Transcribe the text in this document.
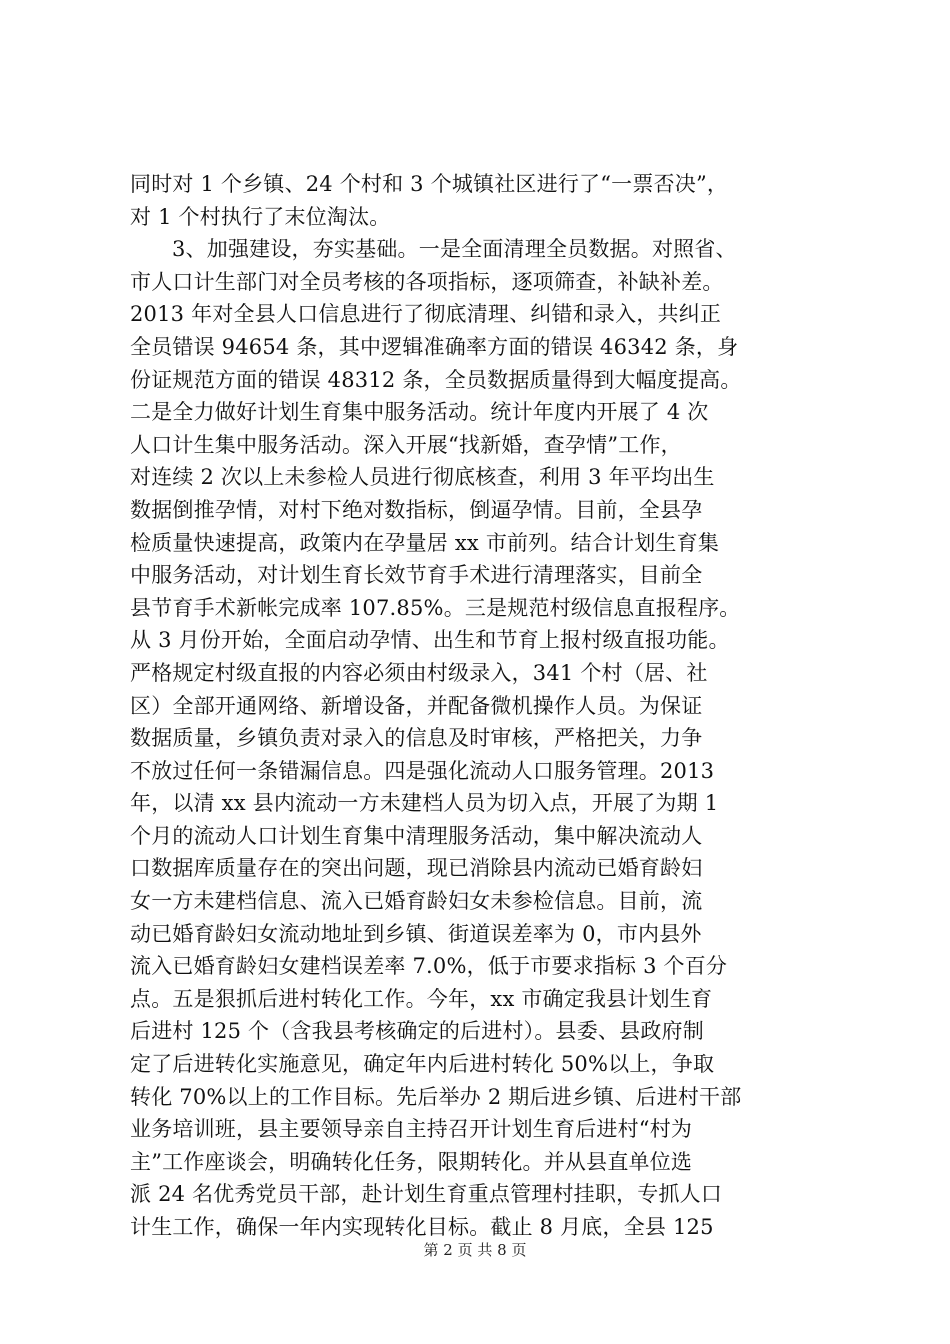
同时对 1 个乡镇、24 个村和 3 个城镇社区进行了“一票否决”，
对 1 个村执行了末位淘汰。
3、加强建设，夯实基础。一是全面清理全员数据。对照省、
市人口计生部门对全员考核的各项指标，逐项筛查，补缺补差。
2013 年对全县人口信息进行了彻底清理、纠错和录入，共纠正
全员错误 94654 条，其中逻辑准确率方面的错误 46342 条，身
份证规范方面的错误 48312 条，全员数据质量得到大幅度提高。
二是全力做好计划生育集中服务活动。统计年度内开展了 4 次
人口计生集中服务活动。深入开展“找新婚，查孕情”工作，
对连续 2 次以上未参检人员进行彻底核查，利用 3 年平均出生
数据倒推孕情，对村下绝对数指标，倒逼孕情。目前，全县孕
检质量快速提高，政策内在孕量居 xx 市前列。结合计划生育集
中服务活动，对计划生育长效节育手术进行清理落实，目前全
县节育手术新帐完成率 107.85%。三是规范村级信息直报程序。
从 3 月份开始，全面启动孕情、出生和节育上报村级直报功能。
严格规定村级直报的内容必须由村级录入，341 个村（居、社
区）全部开通网络、新增设备，并配备微机操作人员。为保证
数据质量，乡镇负责对录入的信息及时审核，严格把关，力争
不放过任何一条错漏信息。四是强化流动人口服务管理。2013
年，以清 xx 县内流动一方未建档人员为切入点，开展了为期 1
个月的流动人口计划生育集中清理服务活动，集中解决流动人
口数据库质量存在的突出问题，现已消除县内流动已婚育龄妇
女一方未建档信息、流入已婚育龄妇女未参检信息。目前，流
动已婚育龄妇女流动地址到乡镇、街道误差率为 0，市内县外
流入已婚育龄妇女建档误差率 7.0%，低于市要求指标 3 个百分
点。五是狠抓后进村转化工作。今年，xx 市确定我县计划生育
后进村 125 个（含我县考核确定的后进村）。县委、县政府制
定了后进转化实施意见，确定年内后进村转化 50%以上，争取
转化 70%以上的工作目标。先后举办 2 期后进乡镇、后进村干部
业务培训班，县主要领导亲自主持召开计划生育后进村“村为
主”工作座谈会，明确转化任务，限期转化。并从县直单位选
派 24 名优秀党员干部，赴计划生育重点管理村挂职，专抓人口
计生工作，确保一年内实现转化目标。截止 8 月底，全县 125
第 2 页 共 8 页
